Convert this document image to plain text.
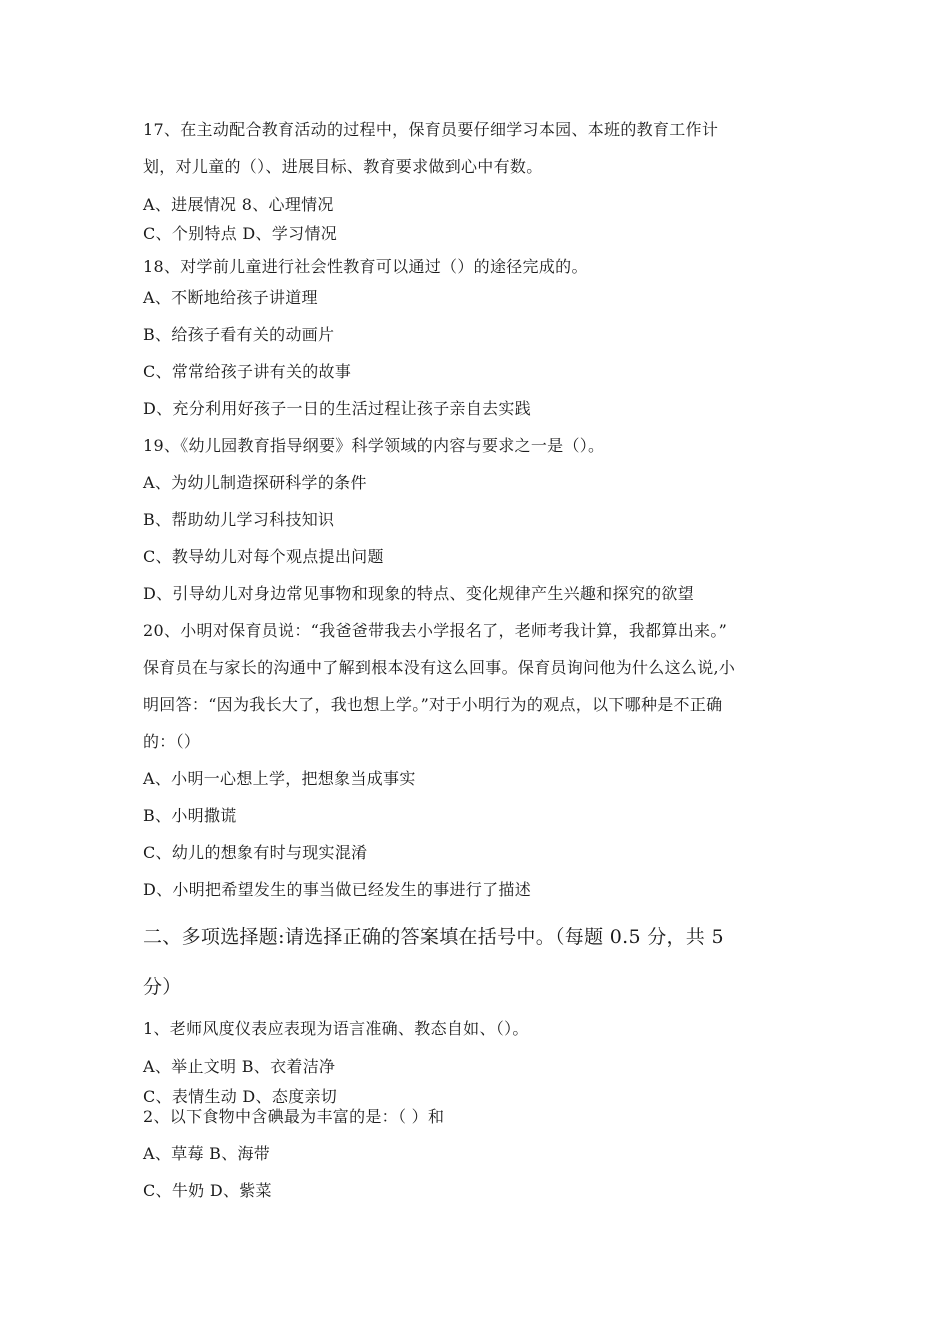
17、在主动配合教育活动的过程中，保育员要仔细学习本园、本班的教育工作计
划，对儿童的（）、进展目标、教育要求做到心中有数。
A、进展情况 8、心理情况
C、个别特点 D、学习情况
18、对学前儿童进行社会性教育可以通过（）的途径完成的。
A、不断地给孩子讲道理
B、给孩子看有关的动画片
C、常常给孩子讲有关的故事
D、充分利用好孩子一日的生活过程让孩子亲自去实践
19、《幼儿园教育指导纲要》科学领域的内容与要求之一是（）。
A、为幼儿制造探研科学的条件
B、帮助幼儿学习科技知识
C、教导幼儿对每个观点提出问题
D、引导幼儿对身边常见事物和现象的特点、变化规律产生兴趣和探究的欲望
20、小明对保育员说：“我爸爸带我去小学报名了，老师考我计算，我都算出来。”
保育员在与家长的沟通中了解到根本没有这么回事。保育员询问他为什么这么说,小
明回答：“因为我长大了，我也想上学。”对于小明行为的观点，以下哪种是不正确
的：（）
A、小明一心想上学，把想象当成事实
B、小明撒谎
C、幼儿的想象有时与现实混淆
D、小明把希望发生的事当做已经发生的事进行了描述
二、多项选择题:请选择正确的答案填在括号中。（每题 0.5 分，共 5
分）
1、老师风度仪表应表现为语言准确、教态自如、（）。
A、举止文明 B、衣着洁净
C、表情生动 D、态度亲切
2、以下食物中含碘最为丰富的是：（ ）和
A、草莓 B、海带
C、牛奶 D、紫菜
